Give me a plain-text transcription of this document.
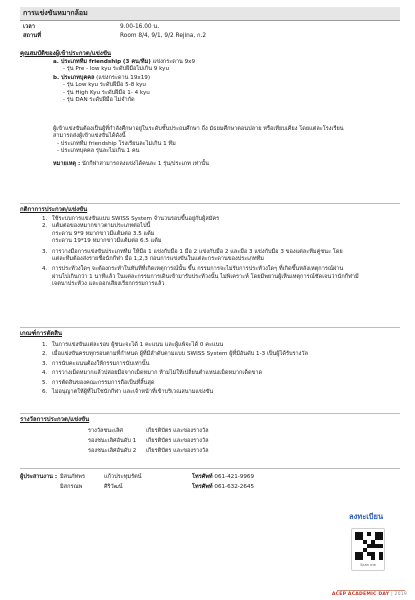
การแข่งขันหมากล้อม
เวลา	9.00-16.00 น.
สถานที่	Room 8/4, 9/1, 9/2 Rejina, ก.2
คุณสมบัติของผู้เข้าประกวด/แข่งขัน
a. ประเภททีม friendship (3 คน/ทีม) แข่งกระดาน 9x9
- รุ่น Pre - low kyu ระดับฝีมือไม่เกิน 9 kyu
b. ประเภทบุคคล (แข่งกระดาน 19x19)
- รุ่น Low kyu ระดับฝีมือ 5-8 kyu
- รุ่น High Kyu ระดับฝีมือ 1- 4 kyu
- รุ่น DAN ระดับฝีมือ ไม่จำกัด
ผู้เข้าแข่งขันต้องเป็นผู้ที่กำลังศึกษาอยู่ในระดับชั้นประถมศึกษา ถึง มัธยมศึกษาตอนปลาย หรือเทียบเคียง โดยแต่ละโรงเรียน
สามารถส่งผู้เข้าแข่งขันได้ดังนี้
- ประเภททีม friendship โรงเรียนละไม่เกิน 1 ทีม
- ประเภทบุคคล รุ่นละไม่เกิน 1 คน
หมายเหตุ : นักกีฬาสามารถลงแข่งได้คนละ 1 รุ่น/ประเภท เท่านั้น
กติกาการประกวด/แข่งขัน
1. ใช้ระบบการแข่งขันแบบ SWISS System จำนวนรอบขึ้นอยู่กับผู้สมัคร
2. แต้มต่อของหมากขาวตามประเภทต่อไปนี้
กระดาน 9*9 หมากขาวมีแต้มต่อ 3.5 แต้ม
กระดาน 19*19 หมากขาวมีแต้มต่อ 6.5 แต้ม
3. การวางมือการแข่งขันประเภททีม ให้มือ 1 แข่งกับมือ 1 มือ 2 แข่งกับมือ 2 และมือ 3 แข่งกับมือ 3 ของแต่ละทีมคู่ชนะ โดย
แต่ละทีมต้องส่งรายชื่อนักกีฬา มือ 1,2,3 ก่อนการแข่งขันในแต่ละกระดานของประเภททีม
4. การประท้วงใดๆ จะต้องกระทำในทันทีที่เกิดเหตุการณ์นั้น ขึ้น กรรมการจะไม่รับการประท้วงใดๆ ที่เกิดขึ้นหลังเหตุการณ์ผ่าน
ผ่านไปเกินกว่า 1 นาทีแล้ว ในแต่ละกรรมการเดินเข้ามารับประท้วงนั้น ไม่พิเคราะห์ โดยมีพยานผู้เห็นเหตุการณ์ชัดเจนว่านักกีฬามี
เจตนาประท้วง และออกเสียงเรียกกรรมการแล้ว
เกณฑ์การตัดสิน
1. ในการแข่งขันแต่ละรอบ ผู้ชนะจะได้ 1 คะแนน และผู้แพ้จะได้ 0 คะแนน
2. เมื่อแข่งขันครบทุกรอบตามที่กำหนด ผู้ที่มีลำดับตามแบบ SWISS System ผู้ที่มีอันดับ 1-3 เป็นผู้ได้รับรางวัล
3. การนับคะแนนต้องให้กรรมการนับเท่านั้น
4. การวางเม็ดหมากแล้วปล่อยมือจากเม็ดหมาก ห้ามไม่ให้เปลี่ยนตำแหน่งเม็ดหมากเด็ดขาด
5. การตัดสินของคณะกรรมการถือเป็นที่สิ้นสุด
6. ไม่อนุญาตให้ผู้ที่ไม่ใช่นักกีฬา และเจ้าหน้าที่เข้าบริเวณสนามแข่งขัน
รางวัลการประกวด/แข่งขัน
รางวัลชนะเลิศ	เกียรติบัตร และของรางวัล
รองชนะเลิศอันดับ 1 เกียรติบัตร และของรางวัล
รองชนะเลิศอันดับ 2 เกียรติบัตร และของรางวัล
ผู้ประสานงาน : มิสนภัทพร	แก้วประทุมรัตน์	โทรศัพท์ 061-421-9969
มิสกรณพ	ศิริวัฒน์	โทรศัพท์ 061-632-2645
ลงทะเบียน
Scan me
ACEP ACADEMIC DAY | 2019
